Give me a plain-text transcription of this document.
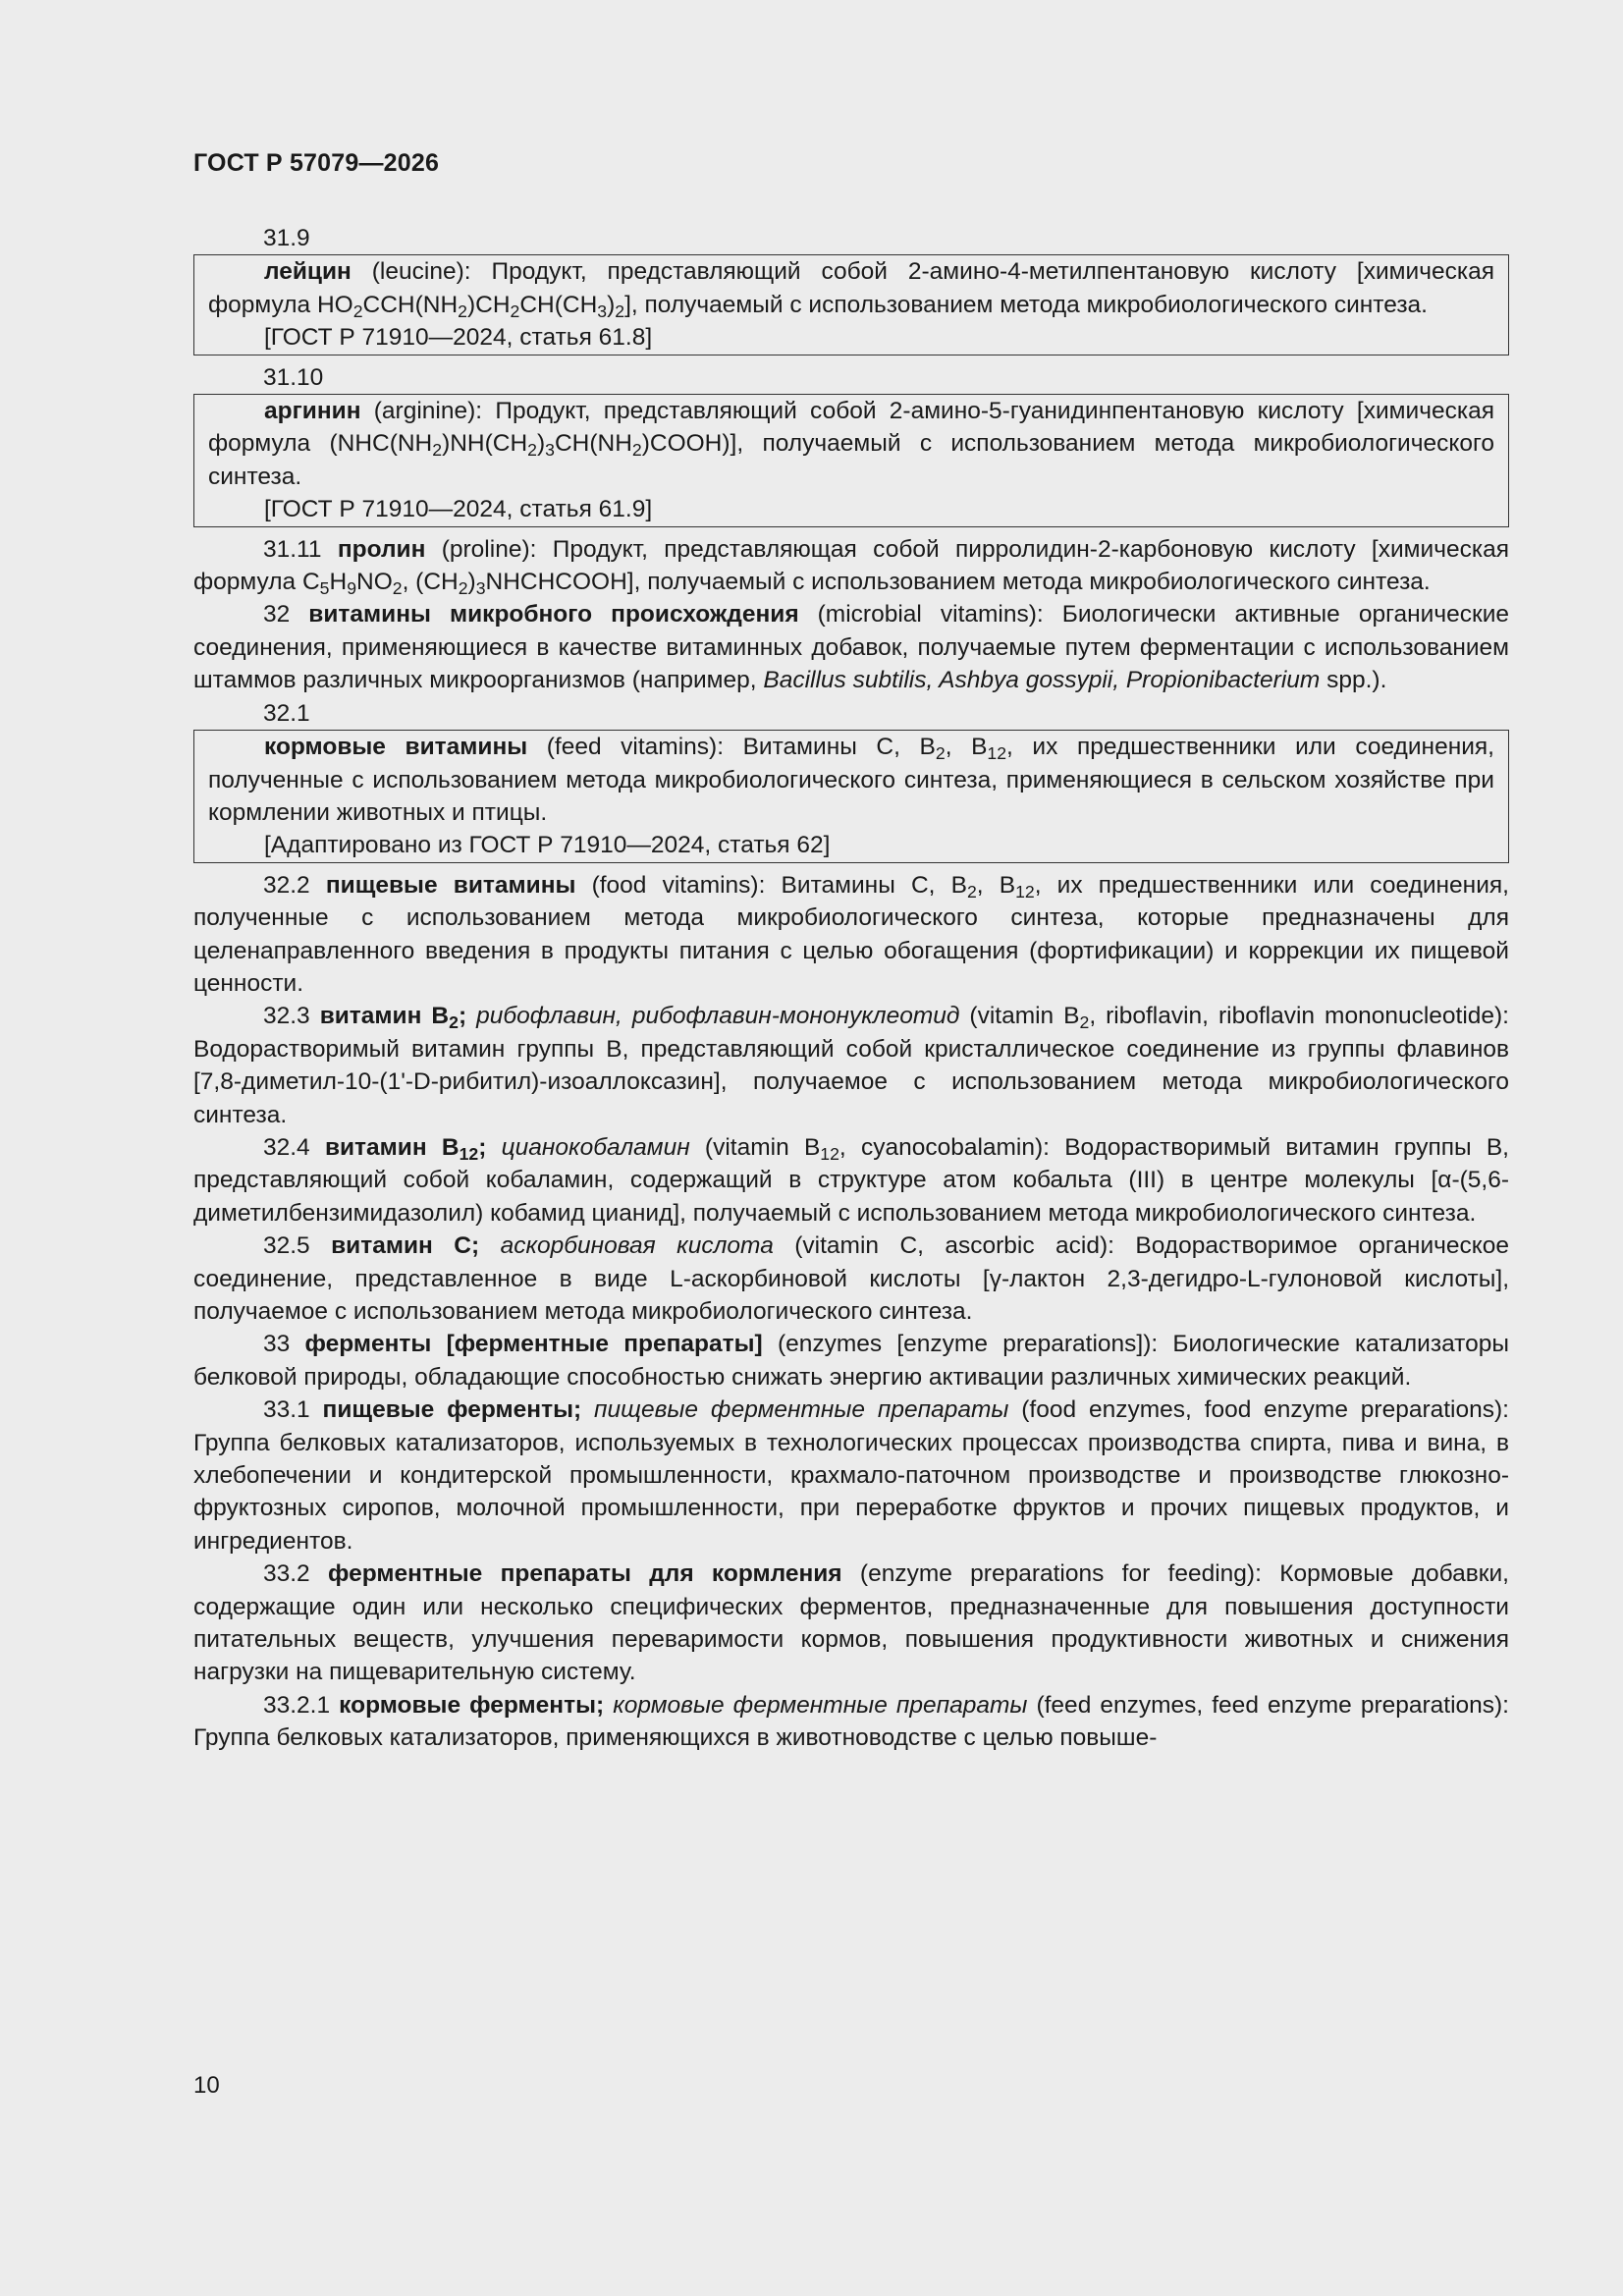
ГОСТ Р 57079—2026

31.9

лейцин (leucine): Продукт, представляющий собой 2-амино-4-метилпентановую кислоту [химическая формула $HO_2CCH(NH_2)CH_2CH(CH_3)_2$], получаемый с использованием метода микробиологического синтеза.

[ГОСТ Р 71910—2024, статья 61.8]

31.10

аргинин (arginine): Продукт, представляющий собой 2-амино-5-гуанидинпентановую кислоту [химическая формула $(NHC(NH_2)NH(CH_2)_3CH(NH_2)COOH)$], получаемый с использованием метода микробиологического синтеза.

[ГОСТ Р 71910—2024, статья 61.9]

31.11 пролин (proline): Продукт, представляющая собой пирролидин-2-карбоновую кислоту [химическая формула $C_5H_9NO_2$, $(CH_2)_3NHCHCOOH$], получаемый с использованием метода микробиологического синтеза.

32 витамины микробного происхождения (microbial vitamins): Биологически активные органические соединения, применяющиеся в качестве витаминных добавок, получаемые путем ферментации с использованием штаммов различных микроорганизмов (например, Bacillus subtilis, Ashbya gossypii, Propionibacterium spp.).

32.1

кормовые витамины (feed vitamins): Витамины C, $B_2$, $B_{12}$, их предшественники или соединения, полученные с использованием метода микробиологического синтеза, применяющиеся в сельском хозяйстве при кормлении животных и птицы.

[Адаптировано из ГОСТ Р 71910—2024, статья 62]

32.2 пищевые витамины (food vitamins): Витамины C, $B_2$, $B_{12}$, их предшественники или соединения, полученные с использованием метода микробиологического синтеза, которые предназначены для целенаправленного введения в продукты питания с целью обогащения (фортификации) и коррекции их пищевой ценности.

32.3 витамин $B_2$; рибофлавин, рибофлавин-мононуклеотид (vitamin $B_2$, riboflavin, riboflavin mononucleotide): Водорастворимый витамин группы B, представляющий собой кристаллическое соединение из группы флавинов [7,8-диметил-10-(1'-D-рибитил)-изоаллоксазин], получаемое с использованием метода микробиологического синтеза.

32.4 витамин $B_{12}$; цианокобаламин (vitamin $B_{12}$, cyanocobalamin): Водорастворимый витамин группы B, представляющий собой кобаламин, содержащий в структуре атом кобальта (III) в центре молекулы [α-(5,6-диметилбензимидазолил) кобамид цианид], получаемый с использованием метода микробиологического синтеза.

32.5 витамин C; аскорбиновая кислота (vitamin C, ascorbic acid): Водорастворимое органическое соединение, представленное в виде L-аскорбиновой кислоты [γ-лактон 2,3-дегидро-L-гулоновой кислоты], получаемое с использованием метода микробиологического синтеза.

33 ферменты [ферментные препараты] (enzymes [enzyme preparations]): Биологические катализаторы белковой природы, обладающие способностью снижать энергию активации различных химических реакций.

33.1 пищевые ферменты; пищевые ферментные препараты (food enzymes, food enzyme preparations): Группа белковых катализаторов, используемых в технологических процессах производства спирта, пива и вина, в хлебопечении и кондитерской промышленности, крахмало-паточном производстве и производстве глюкозно-фруктозных сиропов, молочной промышленности, при переработке фруктов и прочих пищевых продуктов, и ингредиентов.

33.2 ферментные препараты для кормления (enzyme preparations for feeding): Кормовые добавки, содержащие один или несколько специфических ферментов, предназначенные для повышения доступности питательных веществ, улучшения переваримости кормов, повышения продуктивности животных и снижения нагрузки на пищеварительную систему.

33.2.1 кормовые ферменты; кормовые ферментные препараты (feed enzymes, feed enzyme preparations): Группа белковых катализаторов, применяющихся в животноводстве с целью повыше-

10
